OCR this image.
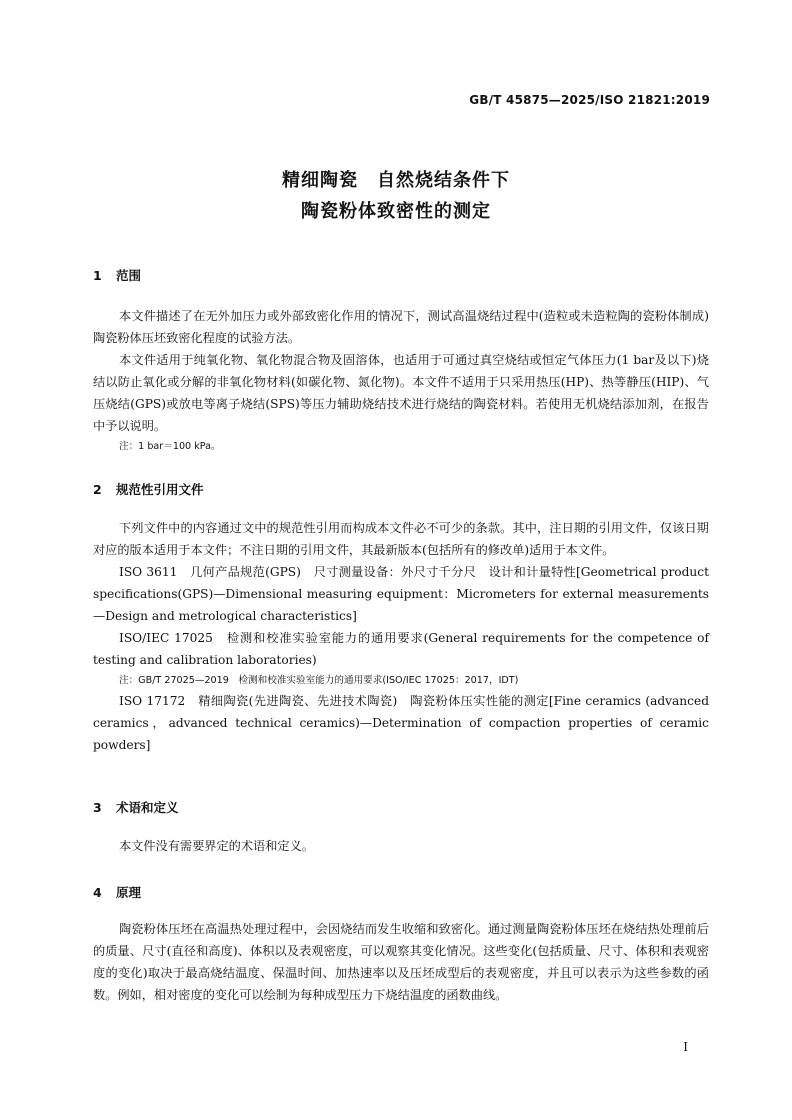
GB/T 45875—2025/ISO 21821:2019
精细陶瓷　自然烧结条件下
陶瓷粉体致密性的测定
1 范围

本文件描述了在无外加压力或外部致密化作用的情况下，测试高温烧结过程中(造粒或未造粒陶的瓷粉体制成)陶瓷粉体压坯致密化程度的试验方法。

本文件适用于纯氧化物、氧化物混合物及固溶体，也适用于可通过真空烧结或恒定气体压力(1 bar及以下)烧结以防止氧化或分解的非氧化物材料(如碳化物、氮化物)。本文件不适用于只采用热压(HP)、热等静压(HIP)、气压烧结(GPS)或放电等离子烧结(SPS)等压力辅助烧结技术进行烧结的陶瓷材料。若使用无机烧结添加剂，在报告中予以说明。

注：1 bar＝100 kPa。
2 规范性引用文件

下列文件中的内容通过文中的规范性引用而构成本文件必不可少的条款。其中，注日期的引用文件，仅该日期对应的版本适用于本文件；不注日期的引用文件，其最新版本(包括所有的修改单)适用于本文件。

ISO 3611　几何产品规范(GPS)　尺寸测量设备：外尺寸千分尺　设计和计量特性[Geometrical product specifications(GPS)—Dimensional measuring equipment：Micrometers for external measurements—Design and metrological characteristics]

ISO/IEC 17025　检测和校准实验室能力的通用要求(General requirements for the competence of testing and calibration laboratories)

注：GB/T 27025—2019　检测和校准实验室能力的通用要求(ISO/IEC 17025：2017，IDT)

ISO 17172　精细陶瓷(先进陶瓷、先进技术陶瓷)　陶瓷粉体压实性能的测定[Fine ceramics (advanced ceramics，advanced technical ceramics)—Determination of compaction properties of ceramic powders]

3 术语和定义

本文件没有需要界定的术语和定义。

4 原理

陶瓷粉体压坯在高温热处理过程中，会因烧结而发生收缩和致密化。通过测量陶瓷粉体压坯在烧结热处理前后的质量、尺寸(直径和高度)、体积以及表观密度，可以观察其变化情况。这些变化(包括质量、尺寸、体积和表观密度的变化)取决于最高烧结温度、保温时间、加热速率以及压坯成型后的表观密度，并且可以表示为这些参数的函数。例如，相对密度的变化可以绘制为每种成型压力下烧结温度的函数曲线。

I
